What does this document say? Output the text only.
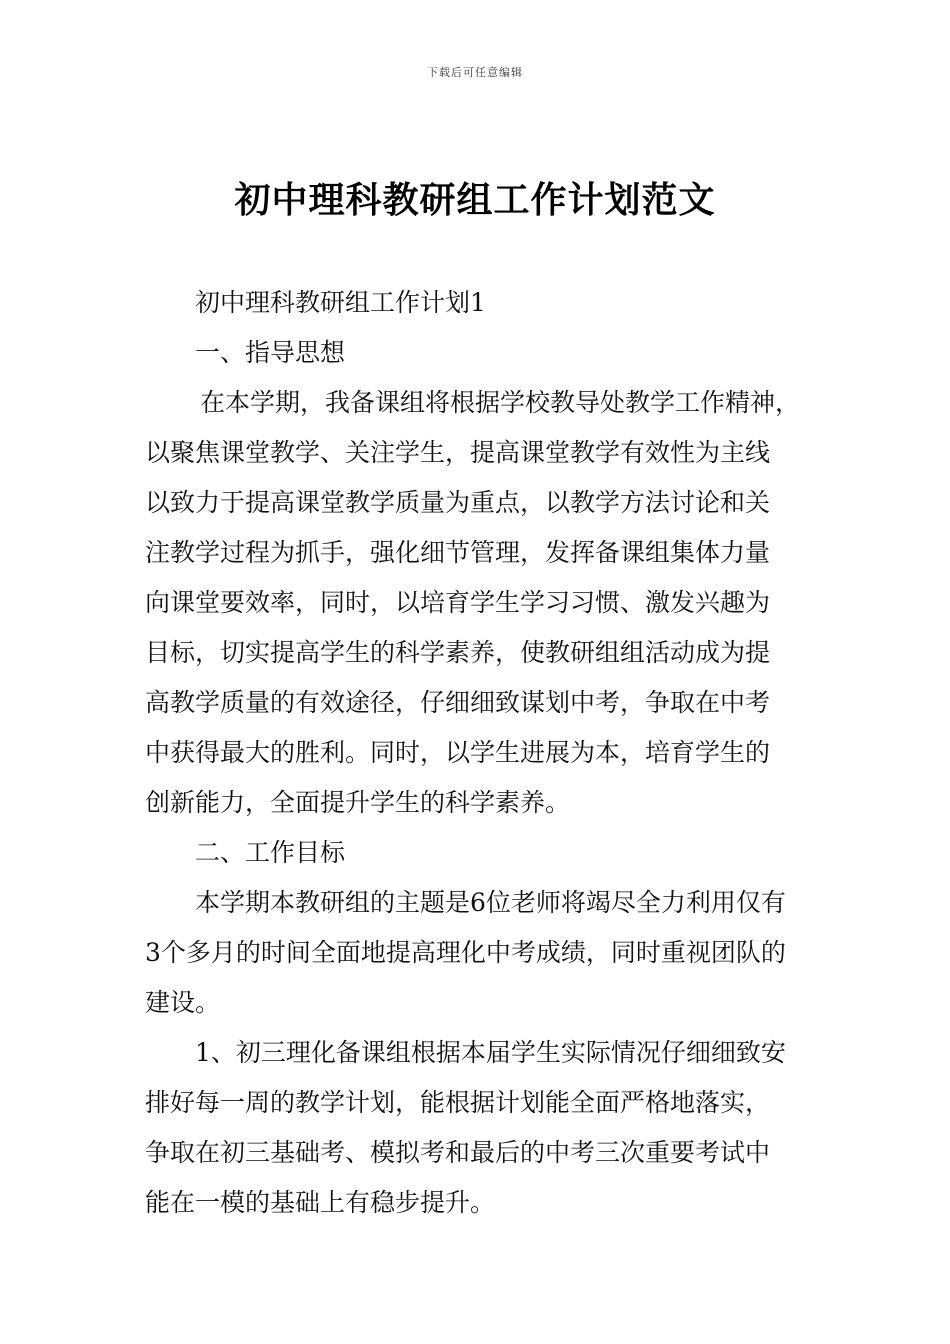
下载后可任意编辑
初中理科教研组工作计划范文

初中理科教研组工作计划1

一、指导思想

在本学期，我备课组将根据学校教导处教学工作精神，

以聚焦课堂教学、关注学生，提高课堂教学有效性为主线

以致力于提高课堂教学质量为重点，以教学方法讨论和关

注教学过程为抓手，强化细节管理，发挥备课组集体力量

向课堂要效率，同时，以培育学生学习习惯、激发兴趣为

目标，切实提高学生的科学素养，使教研组组活动成为提

高教学质量的有效途径，仔细细致谋划中考，争取在中考

中获得最大的胜利。同时，以学生进展为本，培育学生的

创新能力，全面提升学生的科学素养。

二、工作目标

本学期本教研组的主题是6位老师将竭尽全力利用仅有

3个多月的时间全面地提高理化中考成绩，同时重视团队的

建设。

1、初三理化备课组根据本届学生实际情况仔细细致安

排好每一周的教学计划，能根据计划能全面严格地落实，

争取在初三基础考、模拟考和最后的中考三次重要考试中

能在一模的基础上有稳步提升。
